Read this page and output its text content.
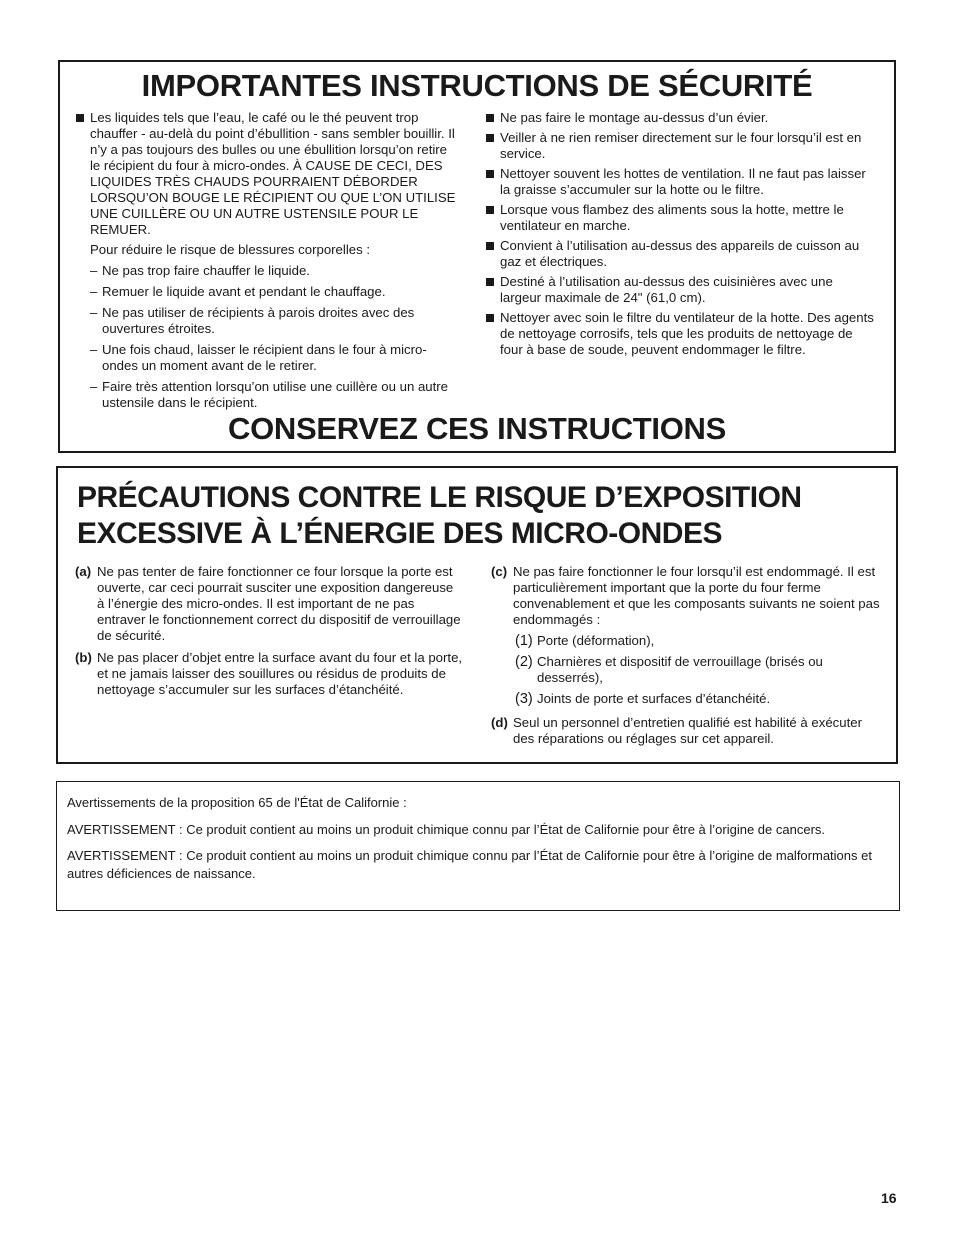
IMPORTANTES INSTRUCTIONS DE SÉCURITÉ
Les liquides tels que l’eau, le café ou le thé peuvent trop chauffer - au-delà du point d’ébullition - sans sembler bouillir. Il n’y a pas toujours des bulles ou une ébullition lorsqu’on retire le récipient du four à micro-ondes. À CAUSE DE CECI, DES LIQUIDES TRÈS CHAUDS POURRAIENT DÉBORDER LORSQU’ON BOUGE LE RÉCIPIENT OU QUE L’ON UTILISE UNE CUILLÈRE OU UN AUTRE USTENSILE POUR LE REMUER.
Pour réduire le risque de blessures corporelles :
– Ne pas trop faire chauffer le liquide.
– Remuer le liquide avant et pendant le chauffage.
– Ne pas utiliser de récipients à parois droites avec des ouvertures étroites.
– Une fois chaud, laisser le récipient dans le four à micro-ondes un moment avant de le retirer.
– Faire très attention lorsqu’on utilise une cuillère ou un autre ustensile dans le récipient.
Ne pas faire le montage au-dessus d’un évier.
Veiller à ne rien remiser directement sur le four lorsqu’il est en service.
Nettoyer souvent les hottes de ventilation. Il ne faut pas laisser la graisse s’accumuler sur la hotte ou le filtre.
Lorsque vous flambez des aliments sous la hotte, mettre le ventilateur en marche.
Convient à l’utilisation au-dessus des appareils de cuisson au gaz et électriques.
Destiné à l’utilisation au-dessus des cuisinières avec une largeur maximale de 24" (61,0 cm).
Nettoyer avec soin le filtre du ventilateur de la hotte. Des agents de nettoyage corrosifs, tels que les produits de nettoyage de four à base de soude, peuvent endommager le filtre.
CONSERVEZ CES INSTRUCTIONS
PRÉCAUTIONS CONTRE LE RISQUE D’EXPOSITION
EXCESSIVE À L’ÉNERGIE DES MICRO-ONDES
(a) Ne pas tenter de faire fonctionner ce four lorsque la porte est ouverte, car ceci pourrait susciter une exposition dangereuse à l’énergie des micro-ondes. Il est important de ne pas entraver le fonctionnement correct du dispositif de verrouillage de sécurité.
(b) Ne pas placer d’objet entre la surface avant du four et la porte, et ne jamais laisser des souillures ou résidus de produits de nettoyage s’accumuler sur les surfaces d’étanchéité.
(c) Ne pas faire fonctionner le four lorsqu’il est endommagé. Il est particulièrement important que la porte du four ferme convenablement et que les composants suivants ne soient pas endommagés :
(1) Porte (déformation),
(2) Charnières et dispositif de verrouillage (brisés ou desserrés),
(3) Joints de porte et surfaces d’étanchéité.
(d) Seul un personnel d’entretien qualifié est habilité à exécuter des réparations ou réglages sur cet appareil.

Avertissements de la proposition 65 de l'État de Californie :

AVERTISSEMENT : Ce produit contient au moins un produit chimique connu par l’État de Californie pour être à l’origine de cancers.

AVERTISSEMENT : Ce produit contient au moins un produit chimique connu par l’État de Californie pour être à l’origine de malformations et autres déficiences de naissance.

16
